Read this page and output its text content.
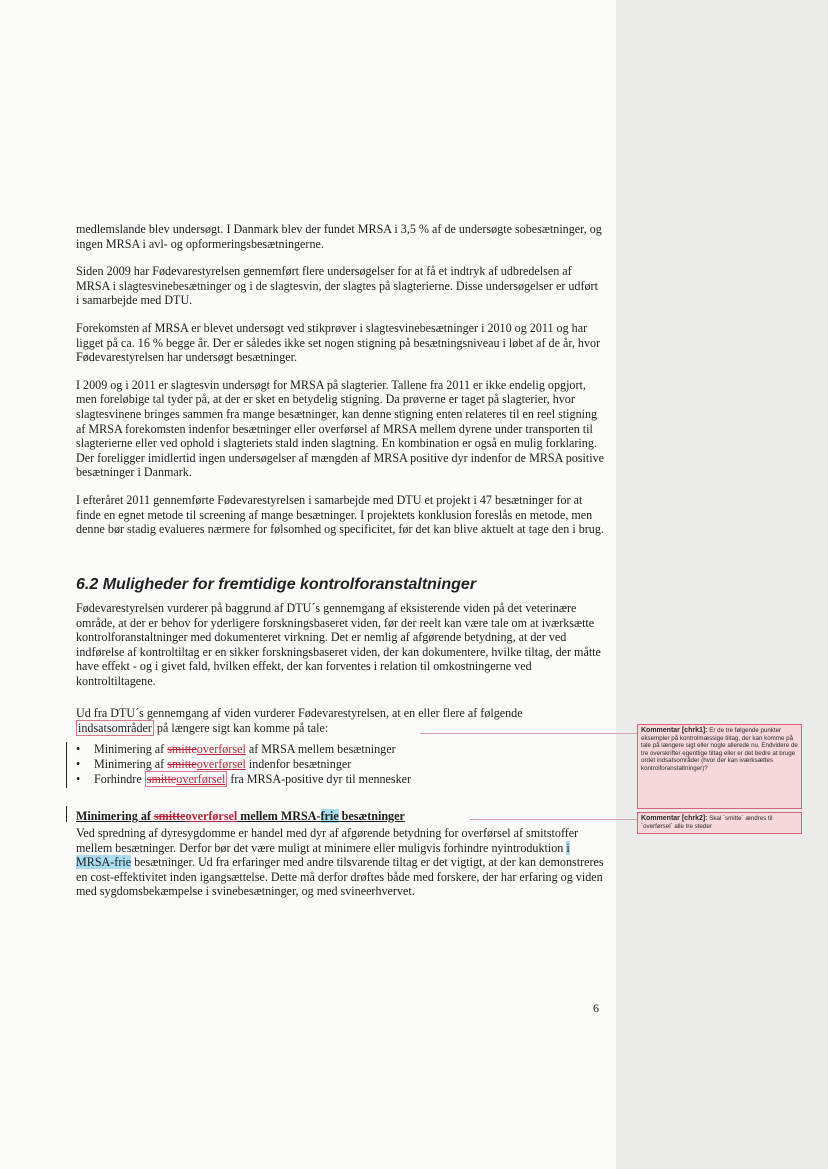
medlemslande blev undersøgt. I Danmark blev der fundet MRSA i 3,5 % af de undersøgte sobesætninger, og ingen MRSA i avl- og opformeringsbesætningerne.

Siden 2009 har Fødevarestyrelsen gennemført flere undersøgelser for at få et indtryk af udbredelsen af MRSA i slagtesvinebesætninger og i de slagtesvin, der slagtes på slagterierne. Disse undersøgelser er udført i samarbejde med DTU.

Forekomsten af MRSA er blevet undersøgt ved stikprøver i slagtesvinebesætninger i 2010 og 2011 og har ligget på ca. 16 % begge år. Der er således ikke set nogen stigning på besætningsniveau i løbet af de år, hvor Fødevarestyrelsen har undersøgt besætninger.

I 2009 og i 2011 er slagtesvin undersøgt for MRSA på slagterier. Tallene fra 2011 er ikke endelig opgjort, men foreløbige tal tyder på, at der er sket en betydelig stigning. Da prøverne er taget på slagterier, hvor slagtesvinene bringes sammen fra mange besætninger, kan denne stigning enten relateres til en reel stigning af MRSA forekomsten indenfor besætninger eller overførsel af MRSA mellem dyrene under transporten til slagterierne eller ved ophold i slagteriets stald inden slagtning. En kombination er også en mulig forklaring. Der foreligger imidlertid ingen undersøgelser af mængden af MRSA positive dyr indenfor de MRSA positive besætninger i Danmark.

I efteråret 2011 gennemførte Fødevarestyrelsen i samarbejde med DTU et projekt i 47 besætninger for at finde en egnet metode til screening af mange besætninger. I projektets konklusion foreslås en metode, men denne bør stadig evalueres nærmere for følsomhed og specificitet, før det kan blive aktuelt at tage den i brug.

6.2 Muligheder for fremtidige kontrolforanstaltninger

Fødevarestyrelsen vurderer på baggrund af DTU´s gennemgang af eksisterende viden på det veterinære område, at der er behov for yderligere forskningsbaseret viden, før der reelt kan være tale om at iværksætte kontrolforanstaltninger med dokumenteret virkning. Det er nemlig af afgørende betydning, at der ved indførelse af kontroltiltag er en sikker forskningsbaseret viden, der kan dokumentere, hvilke tiltag, der måtte have effekt - og i givet fald, hvilken effekt, der kan forventes i relation til omkostningerne ved kontroltiltagene.

Ud fra DTU´s gennemgang af viden vurderer Fødevarestyrelsen, at en eller flere af følgende
indsatsområder på længere sigt kan komme på tale:
• Minimering af smitteoverførsel af MRSA mellem besætninger
• Minimering af smitteoverførsel indenfor besætninger
• Forhindre smitteoverførsel fra MRSA-positive dyr til mennesker
Minimering af smitteoverførsel mellem MRSA-frie besætninger
Ved spredning af dyresygdomme er handel med dyr af afgørende betydning for overførsel af smitstoffer mellem besætninger. Derfor bør det være muligt at minimere eller muligvis forhindre nyintroduktion i MRSA-frie besætninger. Ud fra erfaringer med andre tilsvarende tiltag er det vigtigt, at der kan demonstreres en cost-effektivitet inden igangsættelse. Dette må derfor drøftes både med forskere, der har erfaring og viden med sygdomsbekæmpelse i svinebesætninger, og med svineerhvervet.
6
Kommentar [chrk1]: Er de tre følgende punkter eksempler på kontrolmæssige tiltag, der kan komme på tale på længere sigt eller nogle allerede nu. Endvidere de tre overskrifter egentlige tiltag eller er det bedre at bruge ordet indsatsområder (hvor der kan iværksættes kontrolforanstaltninger)?
Kommentar [chrk2]: Skal ´smitte´ ændres til ´overførsel´ alle tre steder
